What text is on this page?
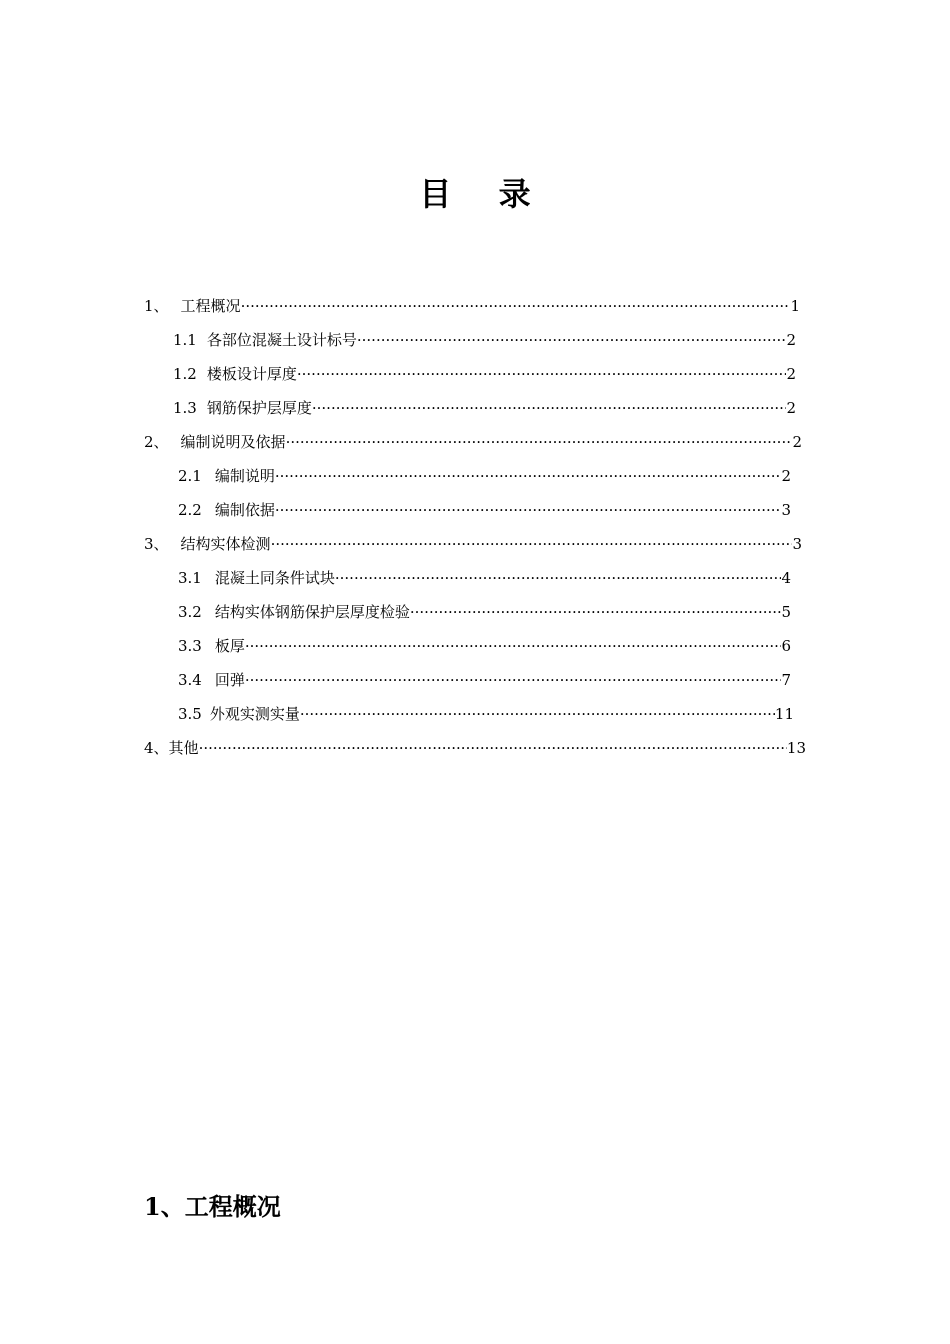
目 录
1、 工程概况 ·····	1
1.1 各部位混凝土设计标号 ·····	2
1.2 楼板设计厚度 ·····	2
1.3 钢筋保护层厚度 ·····	2
2、 编制说明及依据 ·····	2
2.1 编制说明 ·····	2
2.2 编制依据 ·····	3
3、 结构实体检测 ·····	3
3.1 混凝土同条件试块 ·····	4
3.2 结构实体钢筋保护层厚度检验 ·····	5
3.3 板厚 ·····	6
3.4 回弹 ·····	7
3.5 外观实测实量 ·····	11
4、 其他 ·····	13
1、工程概况
